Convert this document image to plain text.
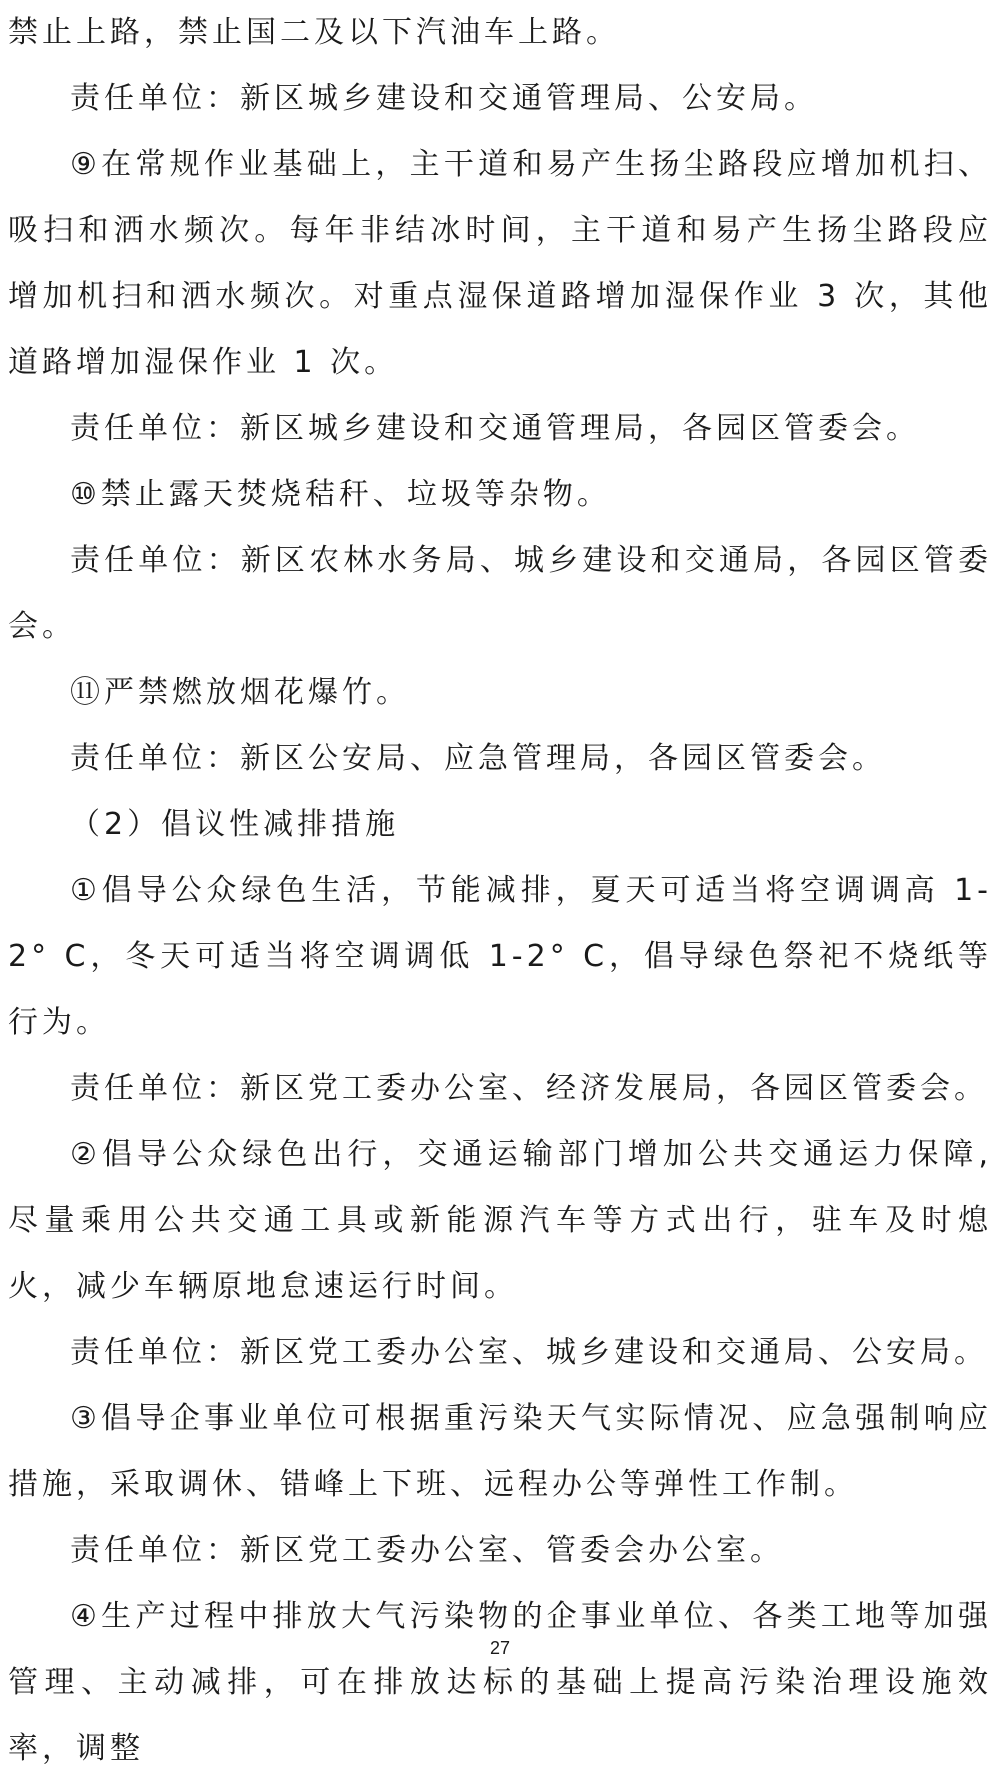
禁止上路，禁止国二及以下汽油车上路。

责任单位：新区城乡建设和交通管理局、公安局。

⑨在常规作业基础上，主干道和易产生扬尘路段应增加机扫、吸扫和洒水频次。每年非结冰时间，主干道和易产生扬尘路段应增加机扫和洒水频次。对重点湿保道路增加湿保作业 3 次，其他道路增加湿保作业 1 次。

责任单位：新区城乡建设和交通管理局，各园区管委会。

⑩禁止露天焚烧秸秆、垃圾等杂物。

责任单位：新区农林水务局、城乡建设和交通局，各园区管委会。

⑪严禁燃放烟花爆竹。

责任单位：新区公安局、应急管理局，各园区管委会。

（2）倡议性减排措施

①倡导公众绿色生活，节能减排，夏天可适当将空调调高 1-2° C，冬天可适当将空调调低 1-2° C，倡导绿色祭祀不烧纸等行为。

责任单位：新区党工委办公室、经济发展局，各园区管委会。

②倡导公众绿色出行，交通运输部门增加公共交通运力保障,尽量乘用公共交通工具或新能源汽车等方式出行，驻车及时熄火，减少车辆原地怠速运行时间。

责任单位：新区党工委办公室、城乡建设和交通局、公安局。

③倡导企事业单位可根据重污染天气实际情况、应急强制响应措施，采取调休、错峰上下班、远程办公等弹性工作制。

责任单位：新区党工委办公室、管委会办公室。

④生产过程中排放大气污染物的企事业单位、各类工地等加强管理、主动减排，可在排放达标的基础上提高污染治理设施效率，调整

27
